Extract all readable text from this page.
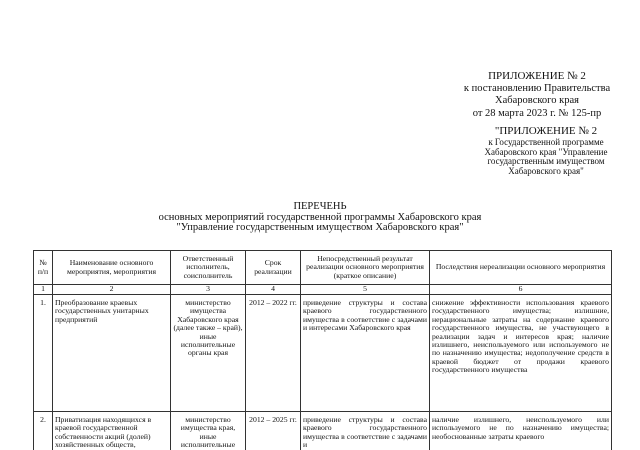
ПРИЛОЖЕНИЕ № 2
к постановлению Правительства
Хабаровского края
от 28 марта 2023 г. № 125-пр
"ПРИЛОЖЕНИЕ № 2
к Государственной программе
Хабаровского края "Управление
государственным имуществом
Хабаровского края"
ПЕРЕЧЕНЬ
основных мероприятий государственной программы Хабаровского края
"Управление государственным имуществом Хабаровского края"
№ п/п	Наименование основного мероприятия, мероприятия	Ответственный исполнитель, соисполнитель	Срок реализации	Непосредственный результат реализации основного мероприятия (краткое описание)	Последствия нереализации основного мероприятия
1	2	3	4	5	6
1.	Преобразование краевых государственных унитарных предприятий	министерство имущества Хабаровского края (далее также – край), иные исполнительные органы края	2012 – 2022 гг.	приведение структуры и состава краевого государственного имущества в соответствие с задачами и интересами Хабаровского края	снижение эффективности использования краевого государственного имущества; излишние, нерациональные затраты на содержание краевого государственного имущества, не участвующего в реализации задач и интересов края; наличие излишнего, неиспользуемого или используемого не по назначению имущества; недополучение средств в краевой бюджет от продажи краевого государственного имущества
2.	Приватизация находящихся в краевой государственной собственности акций (долей) хозяйственных обществ,	министерство имущества края, иные исполнительные	2012 – 2025 гг.	приведение структуры и состава краевого государственного имущества в соответствие с задачами и	наличие излишнего, неиспользуемого или используемого не по назначению имущества; необоснованные затраты краевого
